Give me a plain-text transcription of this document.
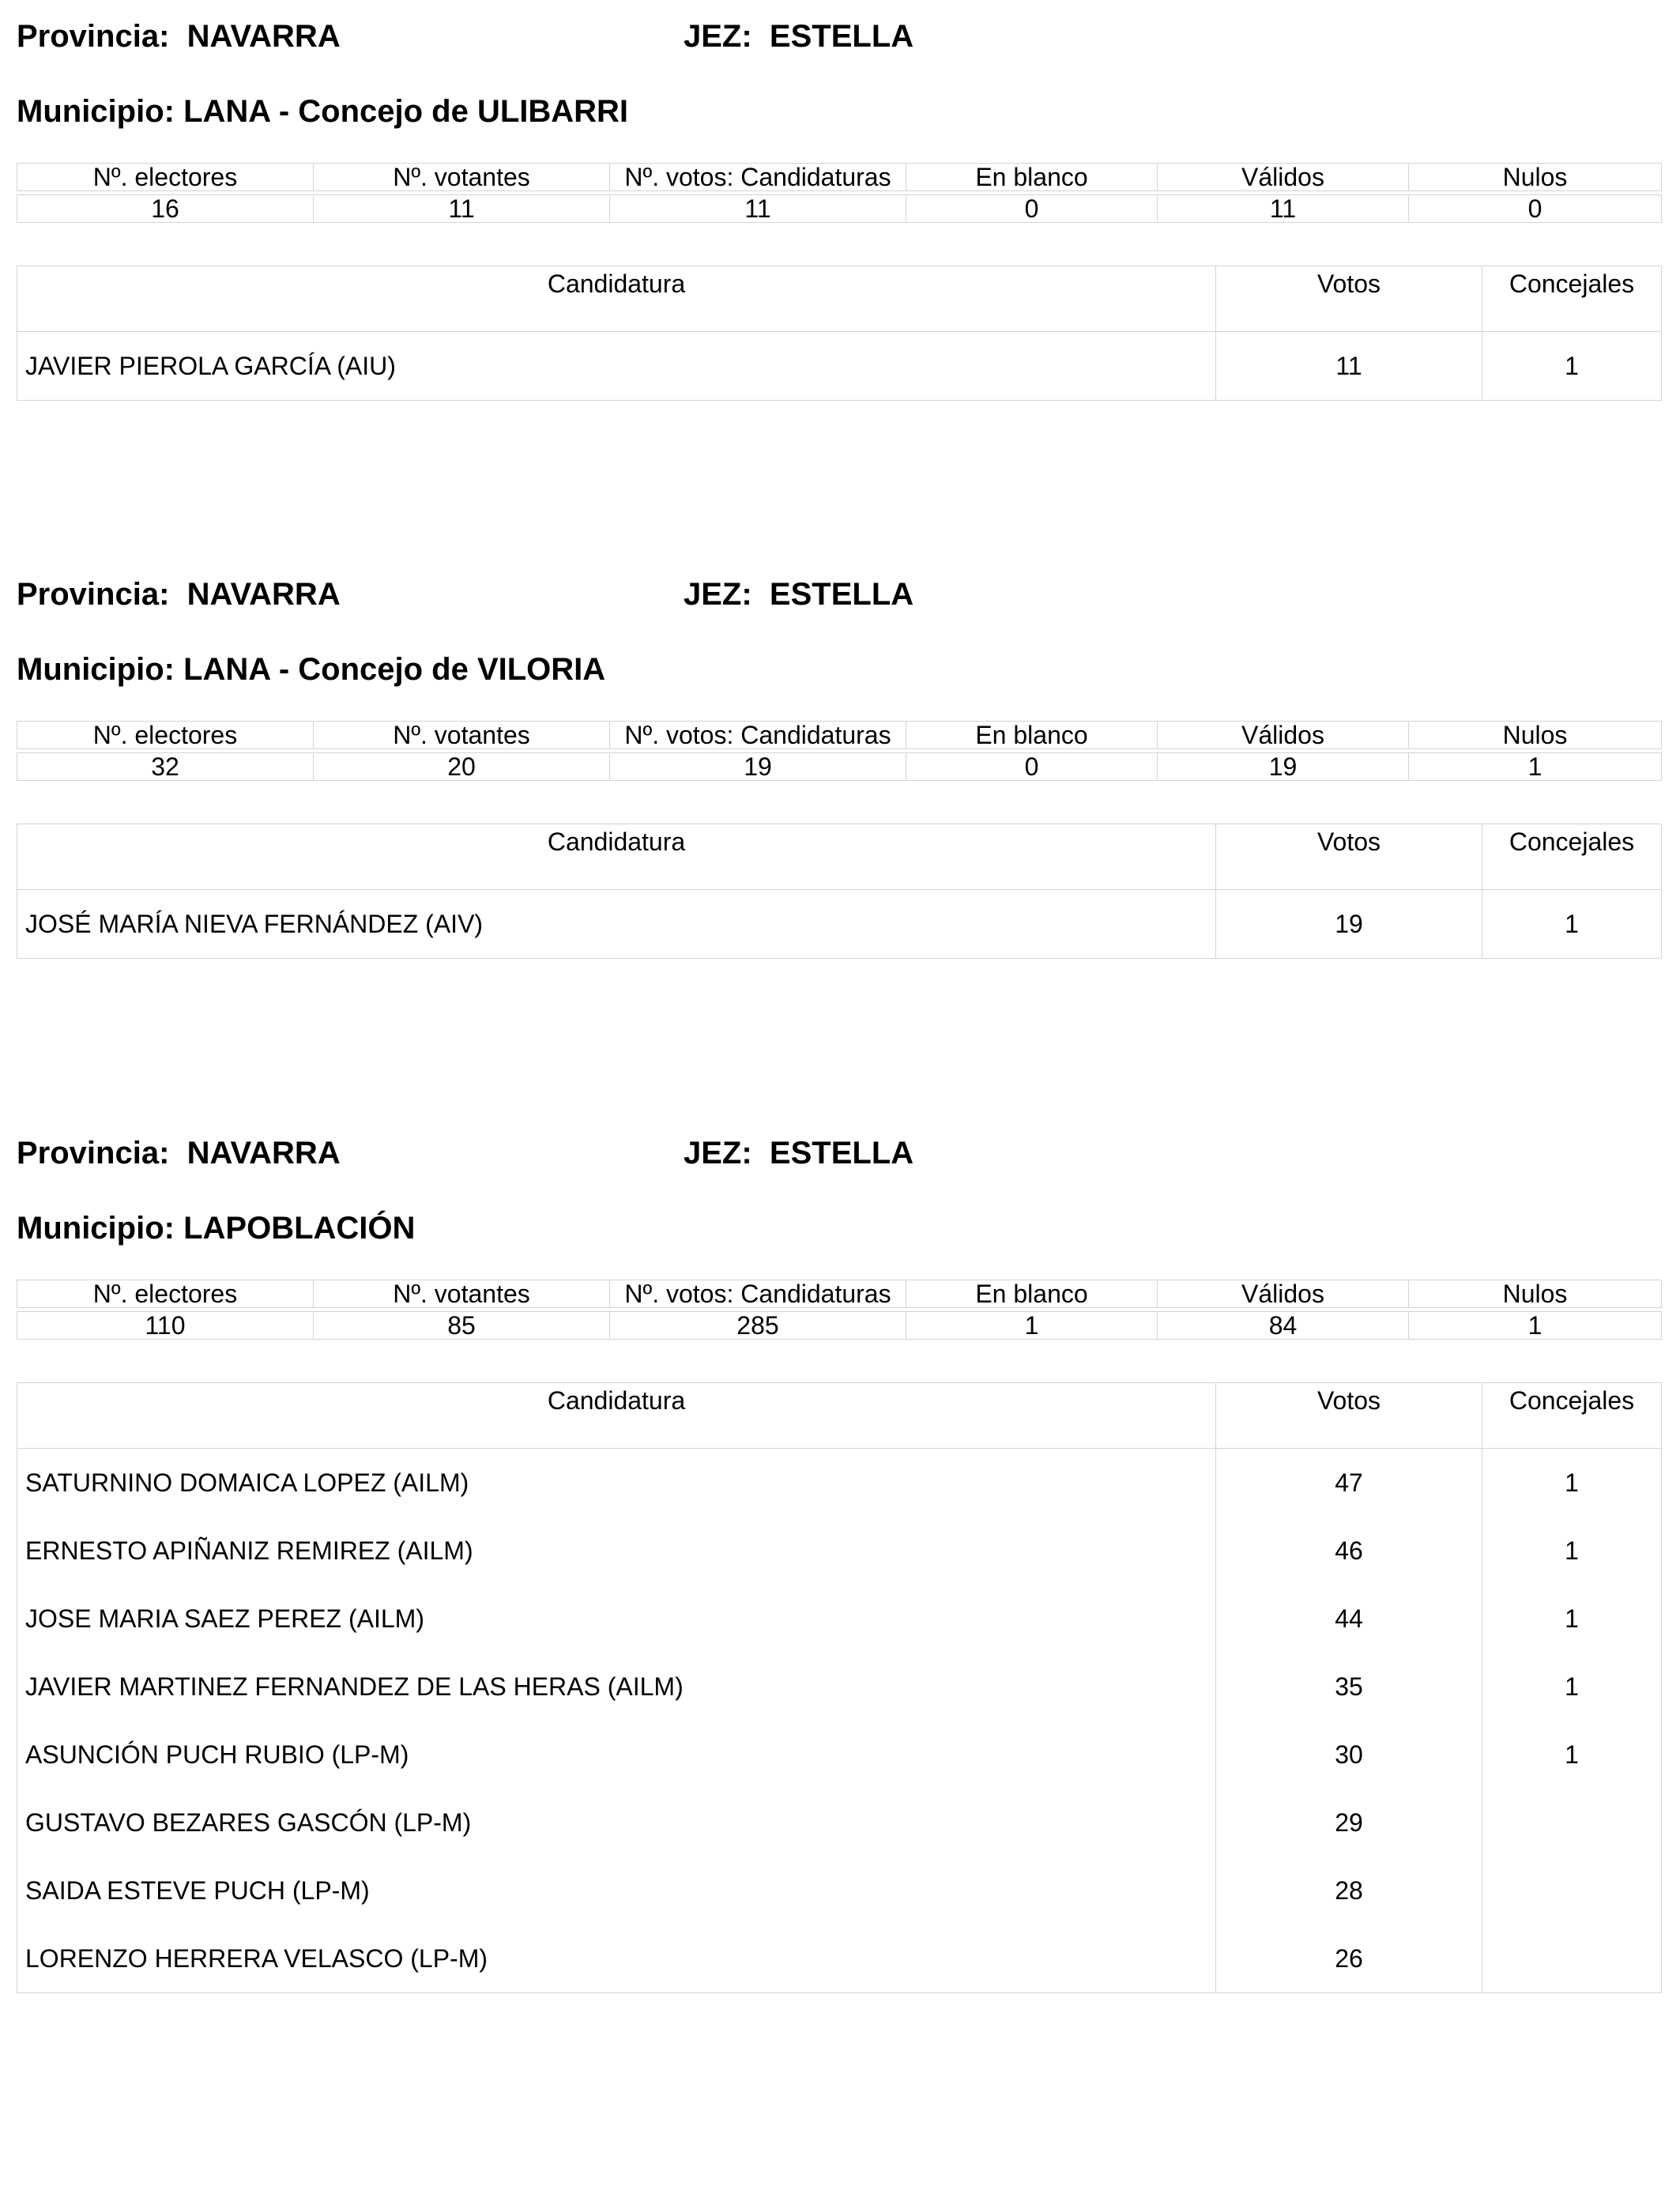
Provincia: NAVARRA	JEZ: ESTELLA
Municipio: LANA - Concejo de ULIBARRI
Nº. electores	Nº. votantes	Nº. votos: Candidaturas	En blanco	Válidos	Nulos

16	11	11	0	11	0
Candidatura	Votos	Concejales
JAVIER PIEROLA GARCÍA (AIU)	11	1
Provincia: NAVARRA	JEZ: ESTELLA
Municipio: LANA - Concejo de VILORIA
Nº. electores	Nº. votantes	Nº. votos: Candidaturas	En blanco	Válidos	Nulos

32	20	19	0	19	1
Candidatura	Votos	Concejales
JOSÉ MARÍA NIEVA FERNÁNDEZ (AIV)	19	1
Provincia: NAVARRA	JEZ: ESTELLA
Municipio: LAPOBLACIÓN
Nº. electores	Nº. votantes	Nº. votos: Candidaturas	En blanco	Válidos	Nulos

110	85	285	1	84	1
Candidatura	Votos	Concejales
SATURNINO DOMAICA LOPEZ (AILM)	47	1
ERNESTO APIÑANIZ REMIREZ (AILM)	46	1
JOSE MARIA SAEZ PEREZ (AILM)	44	1
JAVIER MARTINEZ FERNANDEZ DE LAS HERAS (AILM)	35	1
ASUNCIÓN PUCH RUBIO (LP-M)	30	1
GUSTAVO BEZARES GASCÓN (LP-M)	29	
SAIDA ESTEVE PUCH (LP-M)	28	
LORENZO HERRERA VELASCO (LP-M)	26	
